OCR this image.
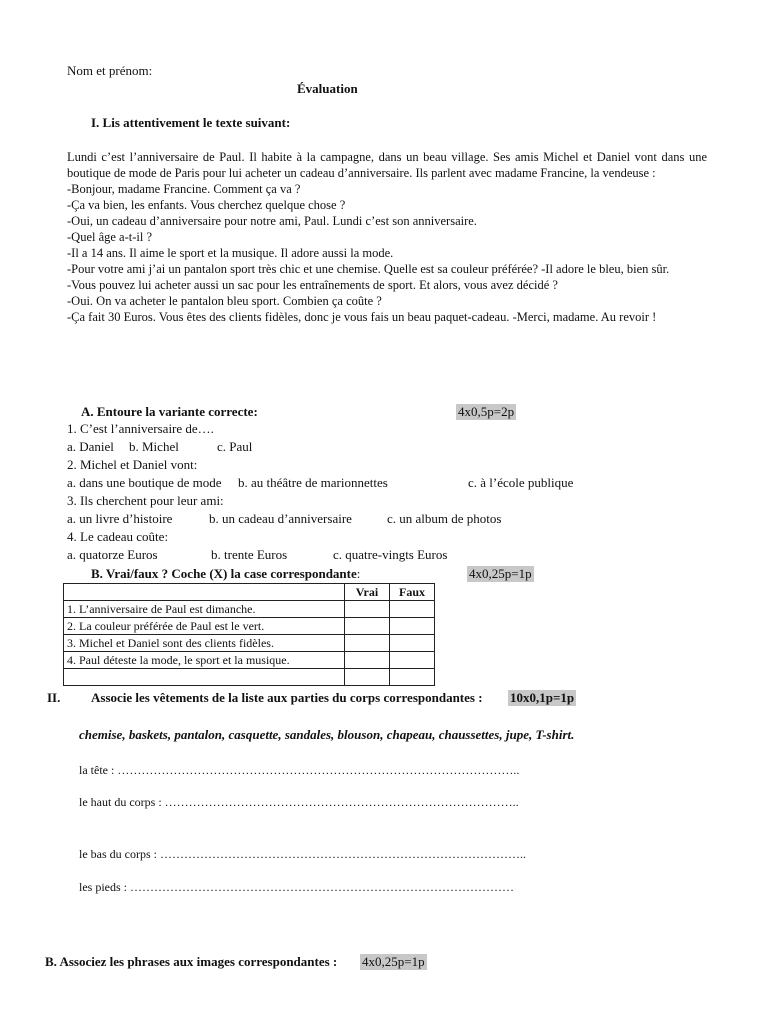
Nom et prénom:
Évaluation
I. Lis attentivement le texte suivant:

Lundi c’est l’anniversaire de Paul. Il habite à la campagne, dans un beau village. Ses amis Michel et Daniel vont dans une boutique de mode de Paris pour lui acheter un cadeau d’anniversaire. Ils parlent avec madame Francine, la vendeuse :

-Bonjour, madame Francine. Comment ça va ?

-Ça va bien, les enfants. Vous cherchez quelque chose ?

-Oui, un cadeau d’anniversaire pour notre ami, Paul. Lundi c’est son anniversaire.

-Quel âge a-t-il ?

-Il a 14 ans. Il aime le sport et la musique. Il adore aussi la mode.

-Pour votre ami j’ai un pantalon sport très chic et une chemise. Quelle est sa couleur préférée? -Il adore le bleu, bien sûr.

-Vous pouvez lui acheter aussi un sac pour les entraînements de sport. Et alors, vous avez décidé ?

-Oui. On va acheter le pantalon bleu sport. Combien ça coûte ?

-Ça fait 30 Euros. Vous êtes des clients fidèles, donc je vous fais un beau paquet-cadeau. -Merci, madame. Au revoir !

A. Entoure la variante correcte:	4x0,5p=2p
1. C’est l’anniversaire de….
a. Daniel b. Michel	c. Paul
2. Michel et Daniel vont:
a. dans une boutique de mode b. au théâtre de marionnettes	c. à l’école publique
3. Ils cherchent pour leur ami:
a. un livre d’histoire	b. un cadeau d’anniversaire	c. un album de photos
4. Le cadeau coûte:
a. quatorze Euros	b. trente Euros	c. quatre-vingts Euros
B. Vrai/faux ? Coche (X) la case correspondante:	4x0,25p=1p
	Vrai	Faux
1. L’anniversaire de Paul est dimanche.		
2. La couleur préférée de Paul est le vert.		
3. Michel et Daniel sont des clients fidèles.		
4. Paul déteste la mode, le sport et la musique.		

II. Associe les vêtements de la liste aux parties du corps correspondantes : 10x0,1p=1p
chemise, baskets, pantalon, casquette, sandales, blouson, chapeau, chaussettes, jupe, T-shirt.
la tête : ………………………………………………………………………………………..
le haut du corps : ……………………………………………………………………………..
le bas du corps : ………………………………………………………………………………..
les pieds : ……………………………………………………………………………………
B. Associez les phrases aux images correspondantes : 4x0,25p=1p
